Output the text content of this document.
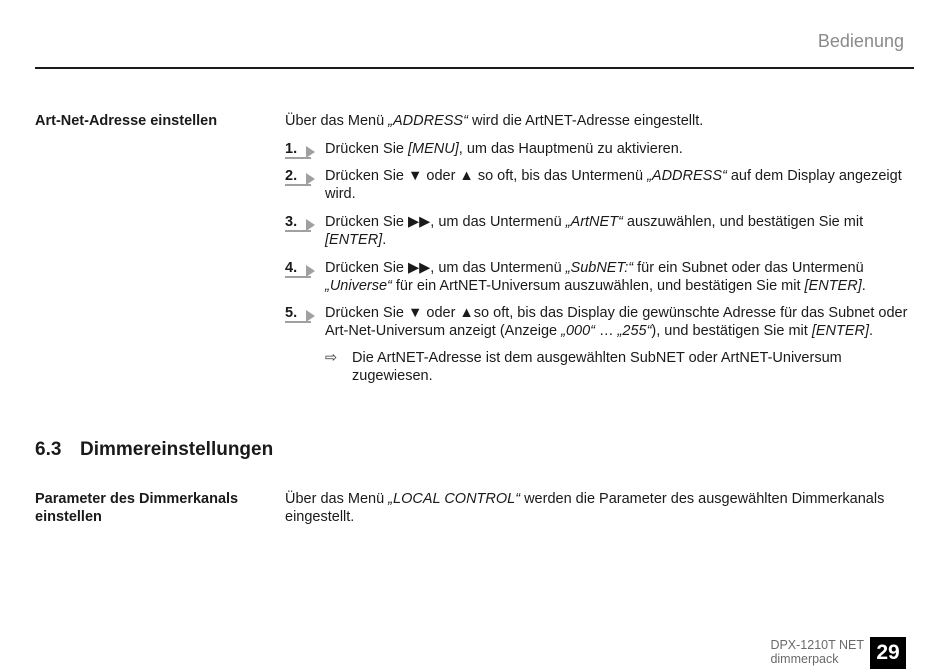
Bedienung
Art-Net-Adresse einstellen	Über das Menü „ADDRESS“ wird die ArtNET-Adresse eingestellt.
1.	Drücken Sie [MENU], um das Hauptmenü zu aktivieren.
2.	Drücken Sie ▼ oder ▲ so oft, bis das Untermenü „ADDRESS“ auf dem Display angezeigt wird.
3.	Drücken Sie ▶▶, um das Untermenü „ArtNET“ auszuwählen, und bestätigen Sie mit [ENTER].
4.	Drücken Sie ▶▶, um das Untermenü „SubNET:“ für ein Subnet oder das Untermenü „Universe“ für ein ArtNET-Universum auszuwählen, und bestätigen Sie mit [ENTER].
5.	Drücken Sie ▼ oder ▲so oft, bis das Display die gewünschte Adresse für das Subnet oder Art-Net-Universum anzeigt (Anzeige „000“ … „255“), und bestätigen Sie mit [ENTER].
⇨	Die ArtNET-Adresse ist dem ausgewählten SubNET oder ArtNET-Universum zugewiesen.
6.3 Dimmereinstellungen
Parameter des Dimmerkanals einstellen
Über das Menü „LOCAL CONTROL“ werden die Parameter des ausgewählten Dimmerkanals eingestellt.
DPX-1210T NET
dimmerpack	29
